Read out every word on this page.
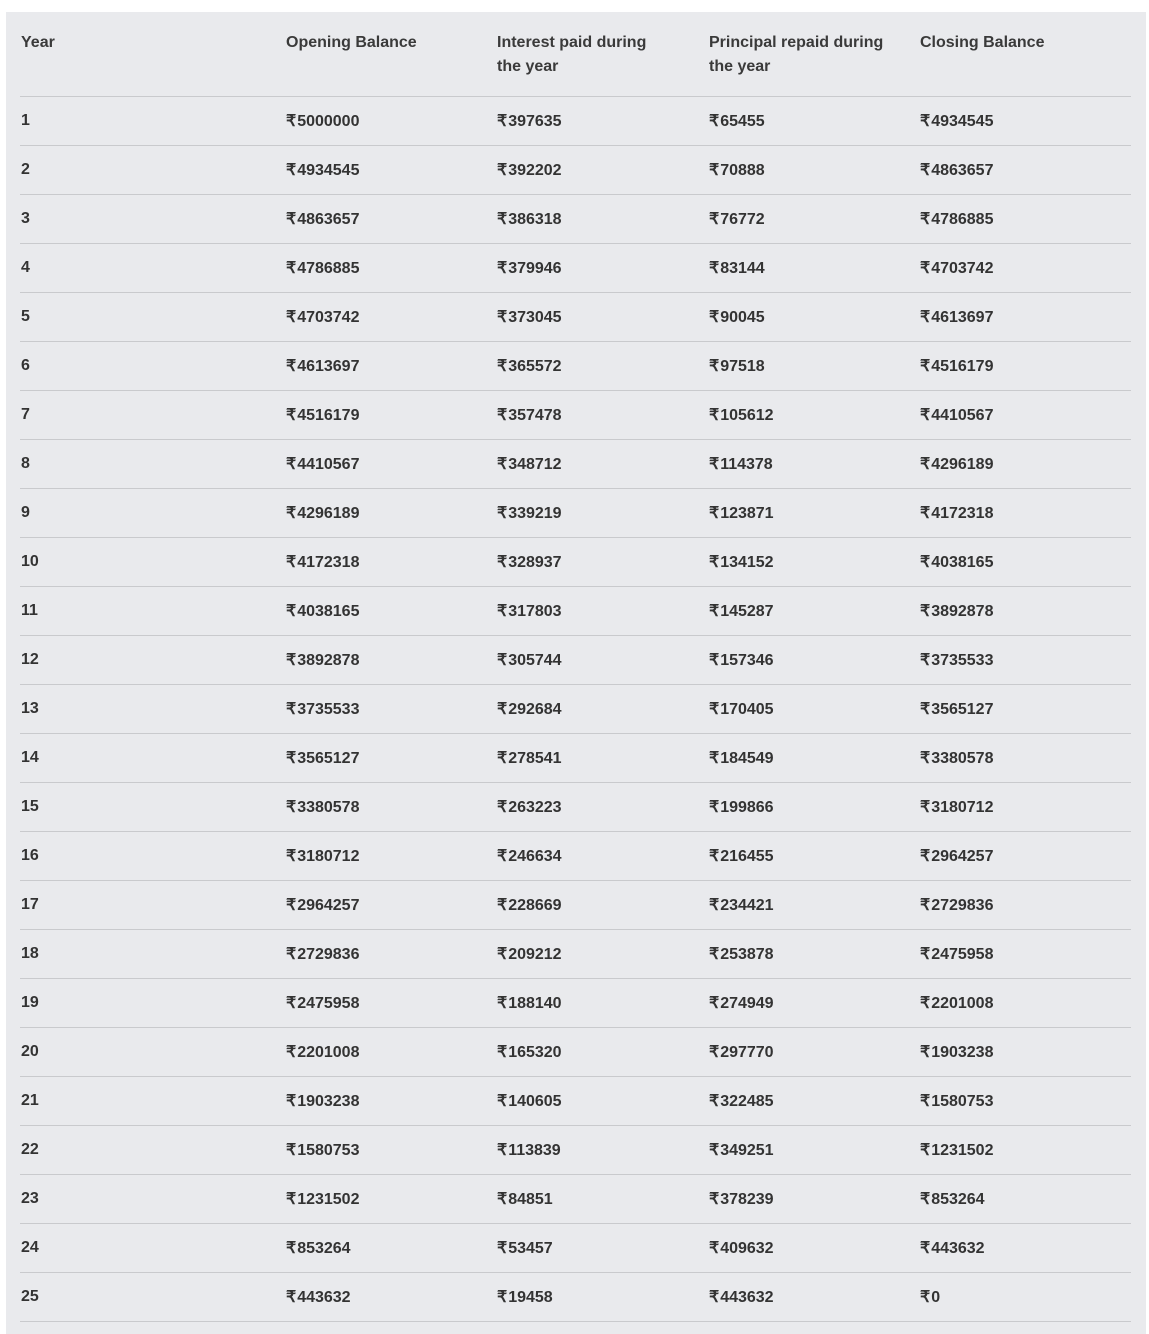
Year	Opening Balance	Interest paid during the year	Principal repaid during the year	Closing Balance

1	₹5000000	₹397635	₹65455	₹4934545
2	₹4934545	₹392202	₹70888	₹4863657
3	₹4863657	₹386318	₹76772	₹4786885
4	₹4786885	₹379946	₹83144	₹4703742
5	₹4703742	₹373045	₹90045	₹4613697
6	₹4613697	₹365572	₹97518	₹4516179
7	₹4516179	₹357478	₹105612	₹4410567
8	₹4410567	₹348712	₹114378	₹4296189
9	₹4296189	₹339219	₹123871	₹4172318
10	₹4172318	₹328937	₹134152	₹4038165
11	₹4038165	₹317803	₹145287	₹3892878
12	₹3892878	₹305744	₹157346	₹3735533
13	₹3735533	₹292684	₹170405	₹3565127
14	₹3565127	₹278541	₹184549	₹3380578
15	₹3380578	₹263223	₹199866	₹3180712
16	₹3180712	₹246634	₹216455	₹2964257
17	₹2964257	₹228669	₹234421	₹2729836
18	₹2729836	₹209212	₹253878	₹2475958
19	₹2475958	₹188140	₹274949	₹2201008
20	₹2201008	₹165320	₹297770	₹1903238
21	₹1903238	₹140605	₹322485	₹1580753
22	₹1580753	₹113839	₹349251	₹1231502
23	₹1231502	₹84851	₹378239	₹853264
24	₹853264	₹53457	₹409632	₹443632
25	₹443632	₹19458	₹443632	₹0
